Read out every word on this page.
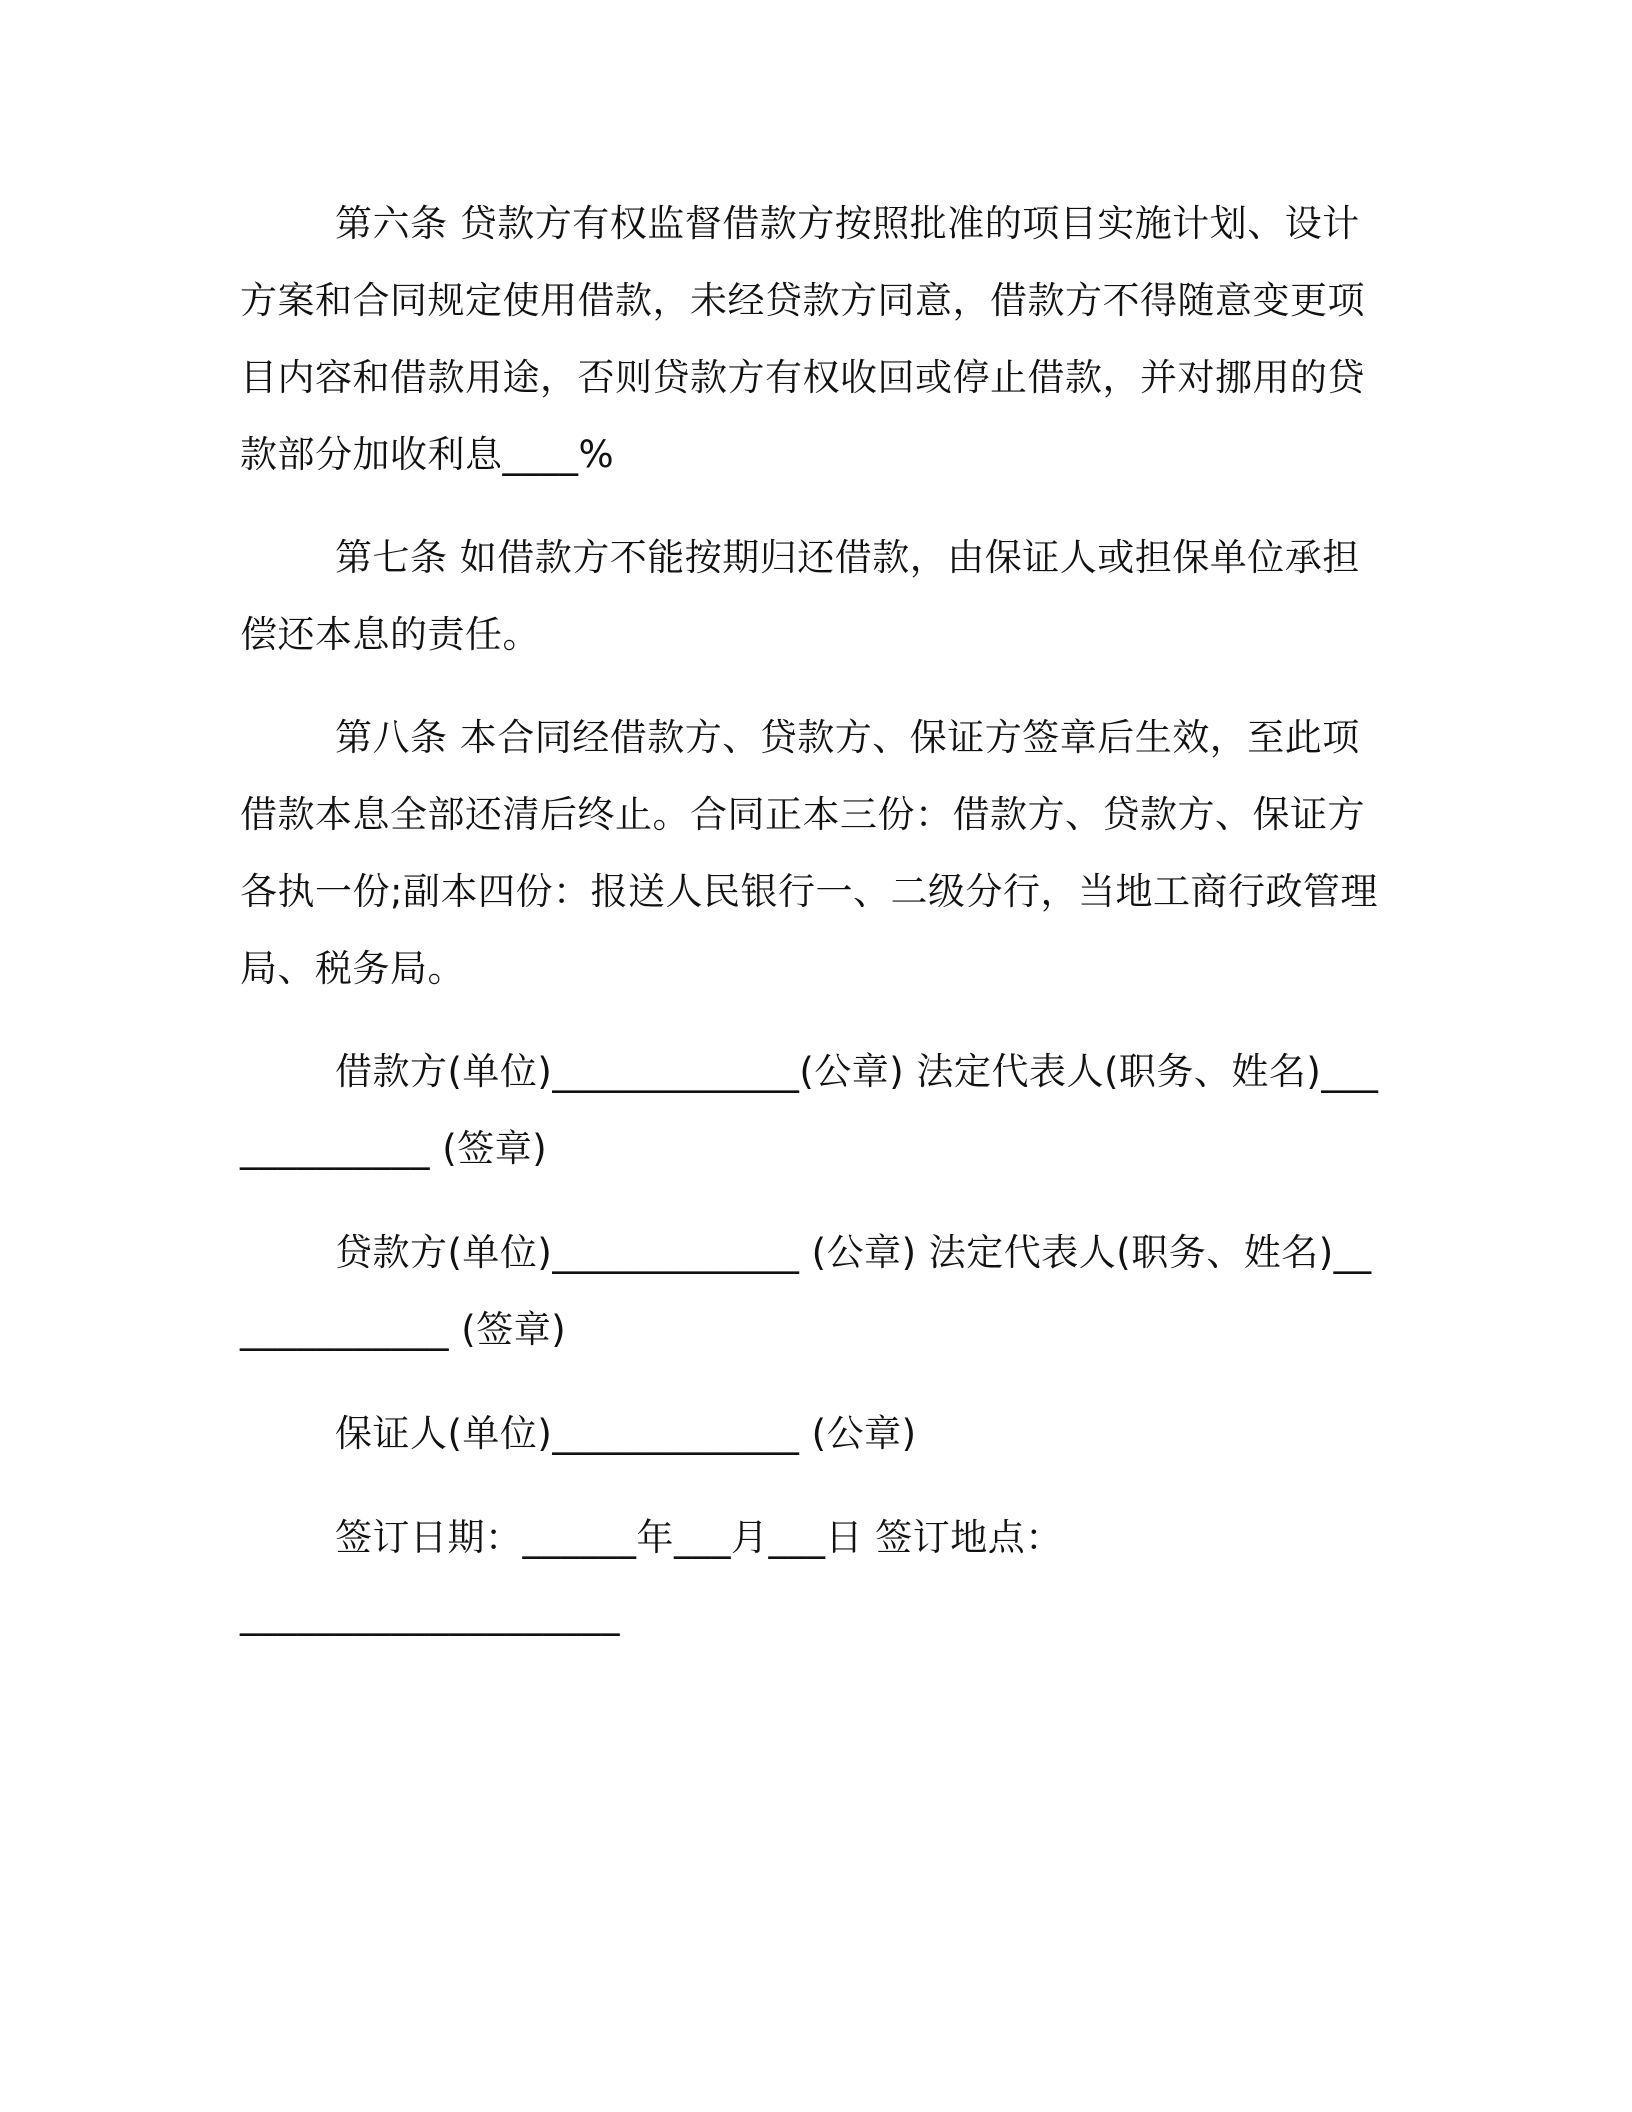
第六条 贷款方有权监督借款方按照批准的项目实施计划、设计方案和合同规定使用借款，未经贷款方同意，借款方不得随意变更项目内容和借款用途，否则贷款方有权收回或停止借款，并对挪用的贷款部分加收利息____%

第七条 如借款方不能按期归还借款，由保证人或担保单位承担偿还本息的责任。

第八条 本合同经借款方、贷款方、保证方签章后生效，至此项借款本息全部还清后终止。合同正本三份：借款方、贷款方、保证方各执一份;副本四份：报送人民银行一、二级分行，当地工商行政管理局、税务局。

借款方(单位)_____________(公章) 法定代表人(职务、姓名)_____________ (签章)

贷款方(单位)_____________ (公章) 法定代表人(职务、姓名)_____________ (签章)

保证人(单位)_____________ (公章)

签订日期：______年___月___日 签订地点：

____________________
